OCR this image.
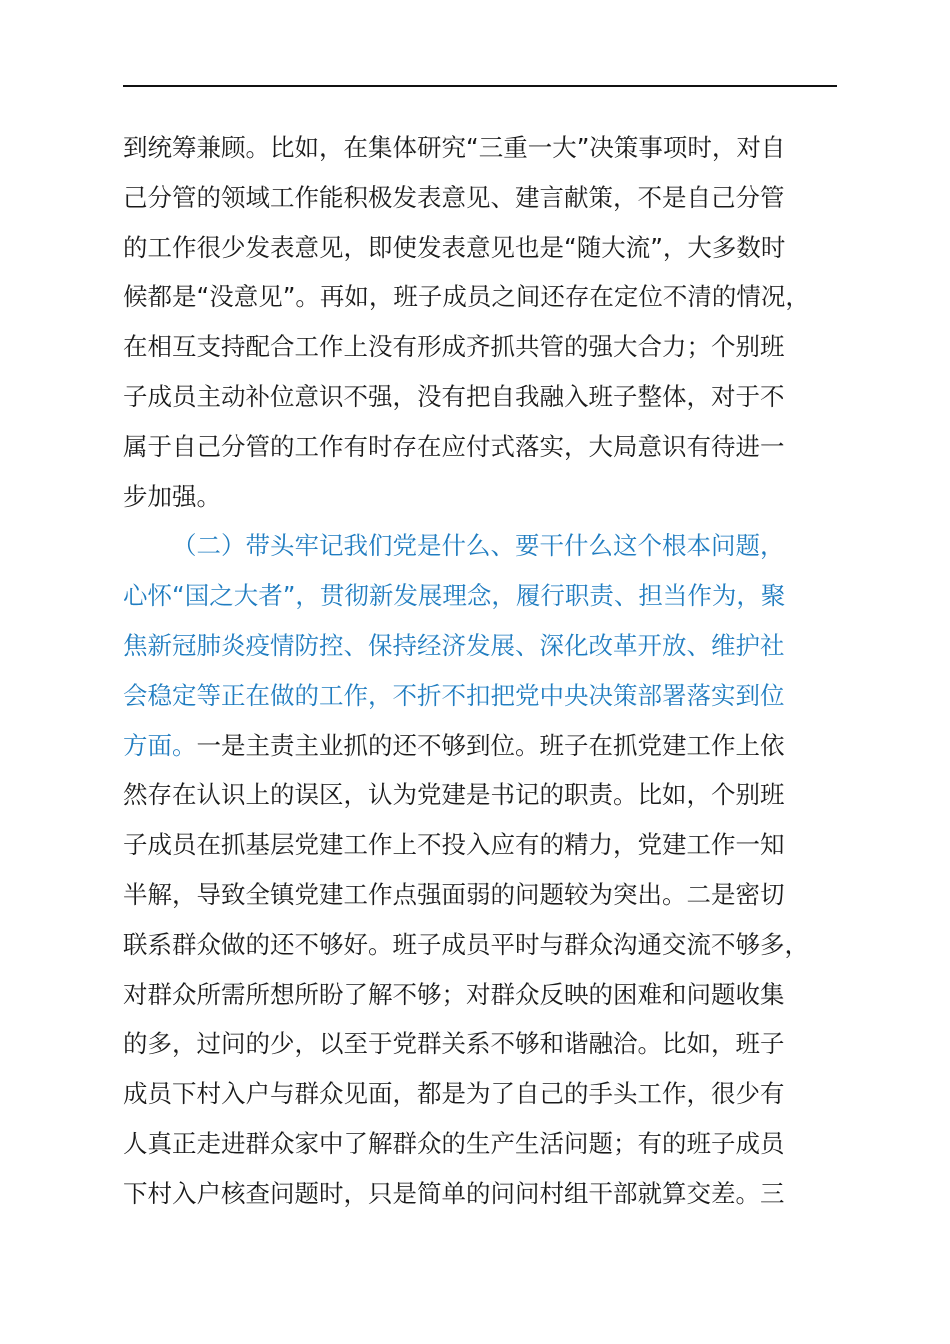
到统筹兼顾。比如，在集体研究“三重一大”决策事项时，对自
己分管的领域工作能积极发表意见、建言献策，不是自己分管
的工作很少发表意见，即使发表意见也是“随大流”，大多数时
候都是“没意见”。再如，班子成员之间还存在定位不清的情况，
在相互支持配合工作上没有形成齐抓共管的强大合力；个别班
子成员主动补位意识不强，没有把自我融入班子整体，对于不
属于自己分管的工作有时存在应付式落实，大局意识有待进一
步加强。
（二）带头牢记我们党是什么、要干什么这个根本问题，
心怀“国之大者”，贯彻新发展理念，履行职责、担当作为，聚
焦新冠肺炎疫情防控、保持经济发展、深化改革开放、维护社
会稳定等正在做的工作，不折不扣把党中央决策部署落实到位
方面。一是主责主业抓的还不够到位。班子在抓党建工作上依
然存在认识上的误区，认为党建是书记的职责。比如，个别班
子成员在抓基层党建工作上不投入应有的精力，党建工作一知
半解，导致全镇党建工作点强面弱的问题较为突出。二是密切
联系群众做的还不够好。班子成员平时与群众沟通交流不够多，
对群众所需所想所盼了解不够；对群众反映的困难和问题收集
的多，过问的少，以至于党群关系不够和谐融洽。比如，班子
成员下村入户与群众见面，都是为了自己的手头工作，很少有
人真正走进群众家中了解群众的生产生活问题；有的班子成员
下村入户核查问题时，只是简单的问问村组干部就算交差。三
